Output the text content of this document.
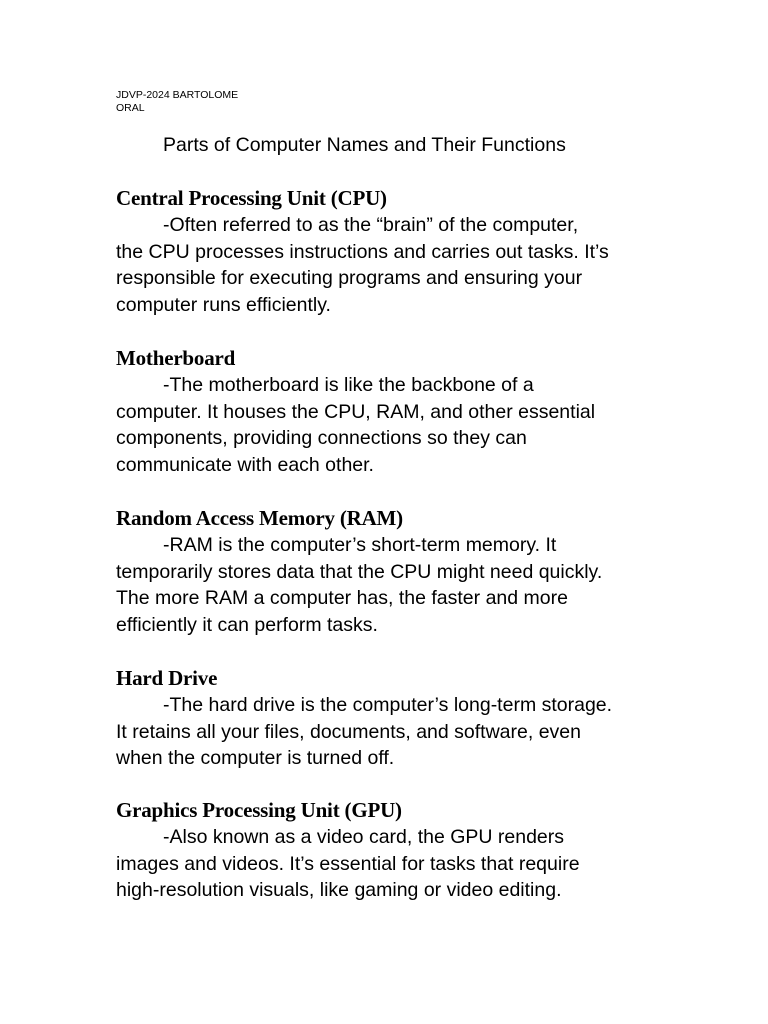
JDVP-2024 BARTOLOME
ORAL
Parts of Computer Names and Their Functions
Central Processing Unit (CPU)

-Often referred to as the “brain” of the computer,
the CPU processes instructions and carries out tasks. It’s
responsible for executing programs and ensuring your
computer runs efficiently.

Motherboard

-The motherboard is like the backbone of a
computer. It houses the CPU, RAM, and other essential
components, providing connections so they can
communicate with each other.

Random Access Memory (RAM)

-RAM is the computer’s short-term memory. It
temporarily stores data that the CPU might need quickly.
The more RAM a computer has, the faster and more
efficiently it can perform tasks.

Hard Drive

-The hard drive is the computer’s long-term storage.
It retains all your files, documents, and software, even
when the computer is turned off.

Graphics Processing Unit (GPU)

-Also known as a video card, the GPU renders
images and videos. It’s essential for tasks that require
high-resolution visuals, like gaming or video editing.
